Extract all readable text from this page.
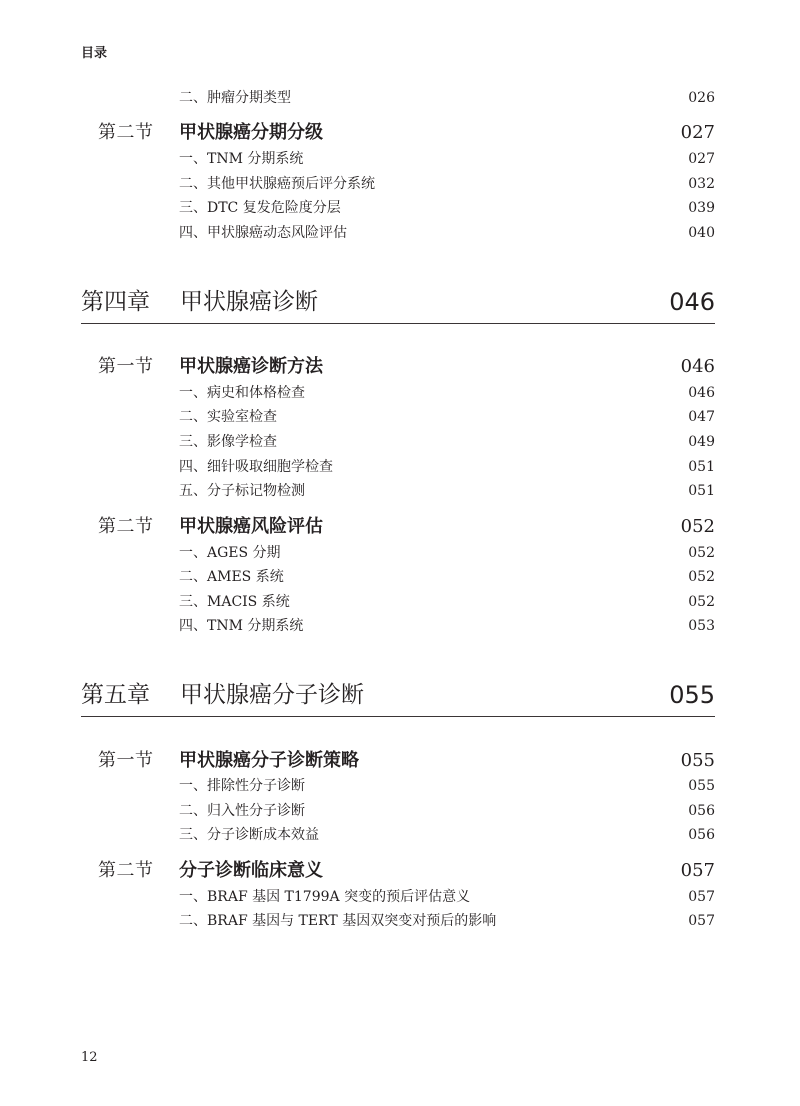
目录
二、肿瘤分期类型	026
第二节 甲状腺癌分期分级	027
一、TNM 分期系统	027
二、其他甲状腺癌预后评分系统	032
三、DTC 复发危险度分层	039
四、甲状腺癌动态风险评估	040
第四章 甲状腺癌诊断	046
第一节 甲状腺癌诊断方法	046
一、病史和体格检查	046
二、实验室检查	047
三、影像学检查	049
四、细针吸取细胞学检查	051
五、分子标记物检测	051
第二节 甲状腺癌风险评估	052
一、AGES 分期	052
二、AMES 系统	052
三、MACIS 系统	052
四、TNM 分期系统	053
第五章 甲状腺癌分子诊断	055
第一节 甲状腺癌分子诊断策略	055
一、排除性分子诊断	055
二、归入性分子诊断	056
三、分子诊断成本效益	056
第二节 分子诊断临床意义	057
一、BRAF 基因 T1799A 突变的预后评估意义	057
二、BRAF 基因与 TERT 基因双突变对预后的影响	057
12
